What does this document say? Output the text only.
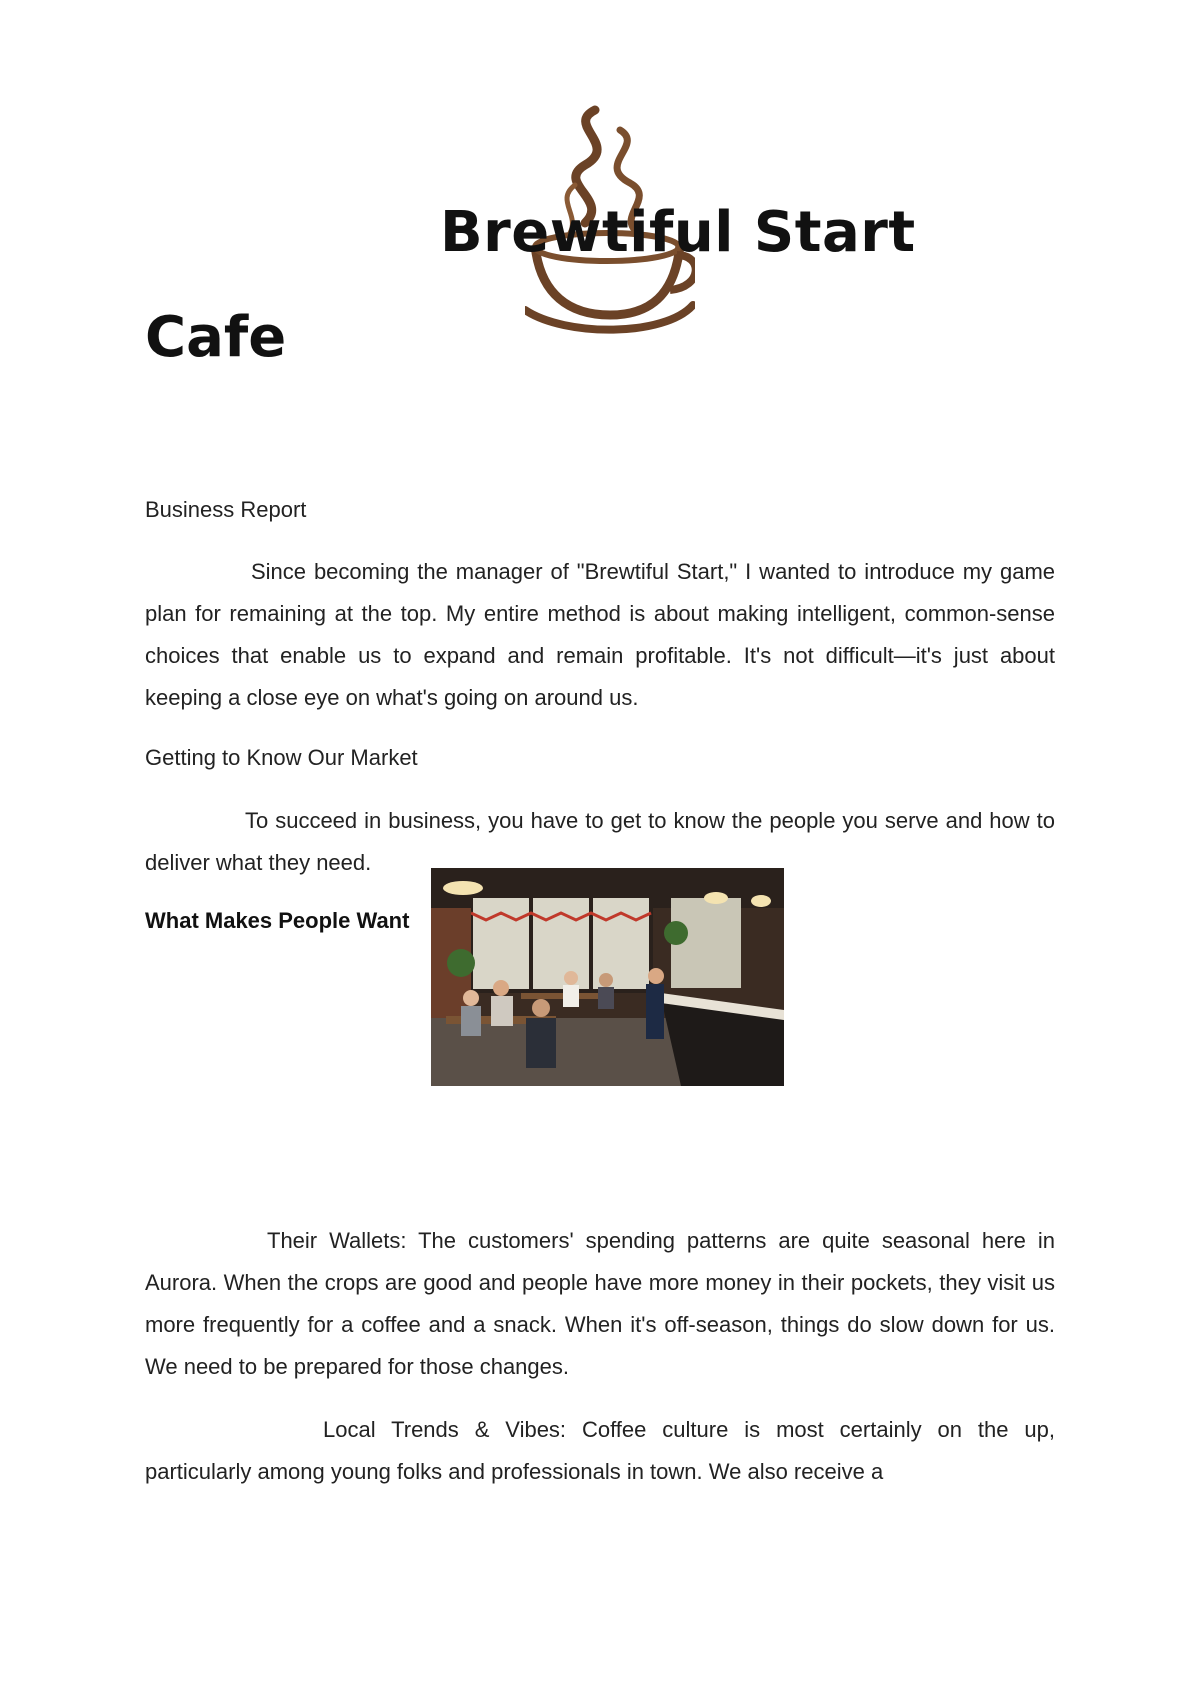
Brewtiful Start
Cafe

Business Report

Since becoming the manager of "Brewtiful Start," I wanted to introduce my game plan for remaining at the top. My entire method is about making intelligent, common-sense choices that enable us to expand and remain profitable. It's not difficult—it's just about keeping a close eye on what's going on around us.

Getting to Know Our Market

To succeed in business, you have to get to know the people you serve and how to deliver what they need.

What Makes People Want

Their Wallets: The customers' spending patterns are quite seasonal here in Aurora. When the crops are good and people have more money in their pockets, they visit us more frequently for a coffee and a snack. When it's off-season, things do slow down for us. We need to be prepared for those changes.

Local Trends & Vibes: Coffee culture is most certainly on the up, particularly among young folks and professionals in town. We also receive a
